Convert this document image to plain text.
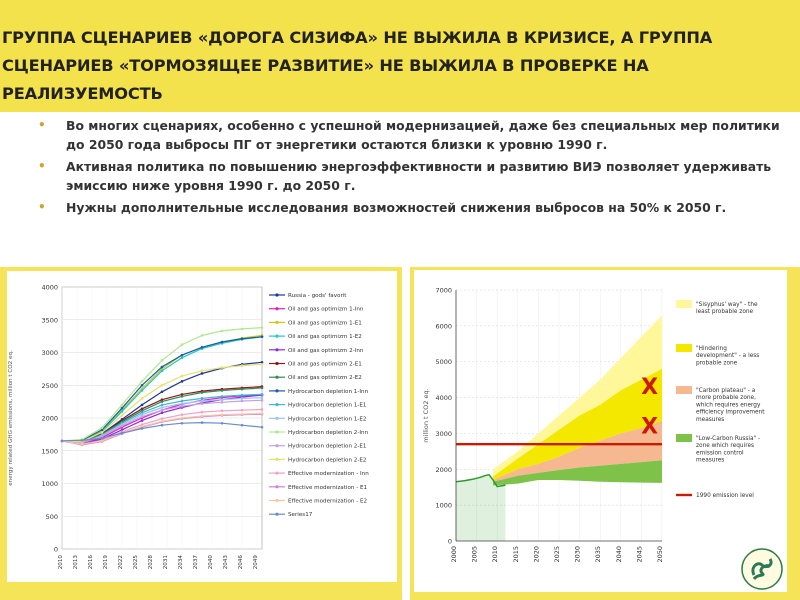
ГРУППА СЦЕНАРИЕВ «ДОРОГА СИЗИФА» НЕ ВЫЖИЛА В КРИЗИСЕ, А ГРУППА СЦЕНАРИЕВ «ТОРМОЗЯЩЕЕ РАЗВИТИЕ» НЕ ВЫЖИЛА В ПРОВЕРКЕ НА РЕАЛИЗУЕМОСТЬ
• Во многих сценариях, особенно с успешной модернизацией, даже без специальных мер политики до 2050 года выбросы ПГ от энергетики остаются близки к уровню 1990 г.
• Активная политика по повышению энергоэффективности и развитию ВИЭ позволяет удерживать эмиссию ниже уровня 1990 г. до 2050 г.
• Нужны дополнительные исследования возможностей снижения выбросов на 50% к 2050 г.
0
500
1000
1500
2000
2500
3000
3500
4000
2010 2013 2016 2019 2022 2025 2028 2031 2034 2037 2040 2043 2046 2049
energy related GHG emissions, million t CO2 eq.
Russia - gods' favorit
Oil and gas optimizm 1-Inn
Oil and gas optimizm 1-E1
Oil and gas optimizm 1-E2
Oil and gas optimizm 2-Inn
Oil and gas optimizm 2-E1
Oil and gas optimizm 2-E2
Hydrocarbon depletion 1-Inn
Hydrocarbon depletion 1-E1
Hydrocarbon depletion 1-E2
Hydrocarbon depletion 2-Inn
Hydrocarbon depletion 2-E1
Hydrocarbon depletion 2-E2
Effective modernization - Inn
Effective modernization - E1
Effective modernization - E2
Series17
0
1000
2000
3000
4000
5000
6000
7000
2000 2005 2010 2015 2020 2025 2030 2035 2040 2045 2050
million t CO2 eq.
"Sisyphus' way" - the least probable zone
"Hindering development" - a less probable zone
"Carbon plateau" - a more probable zone, which requires energy efficiency improvement measures
"Low-Carbon Russia" -zone which requires emission control measures
1990 emission level
X
X
